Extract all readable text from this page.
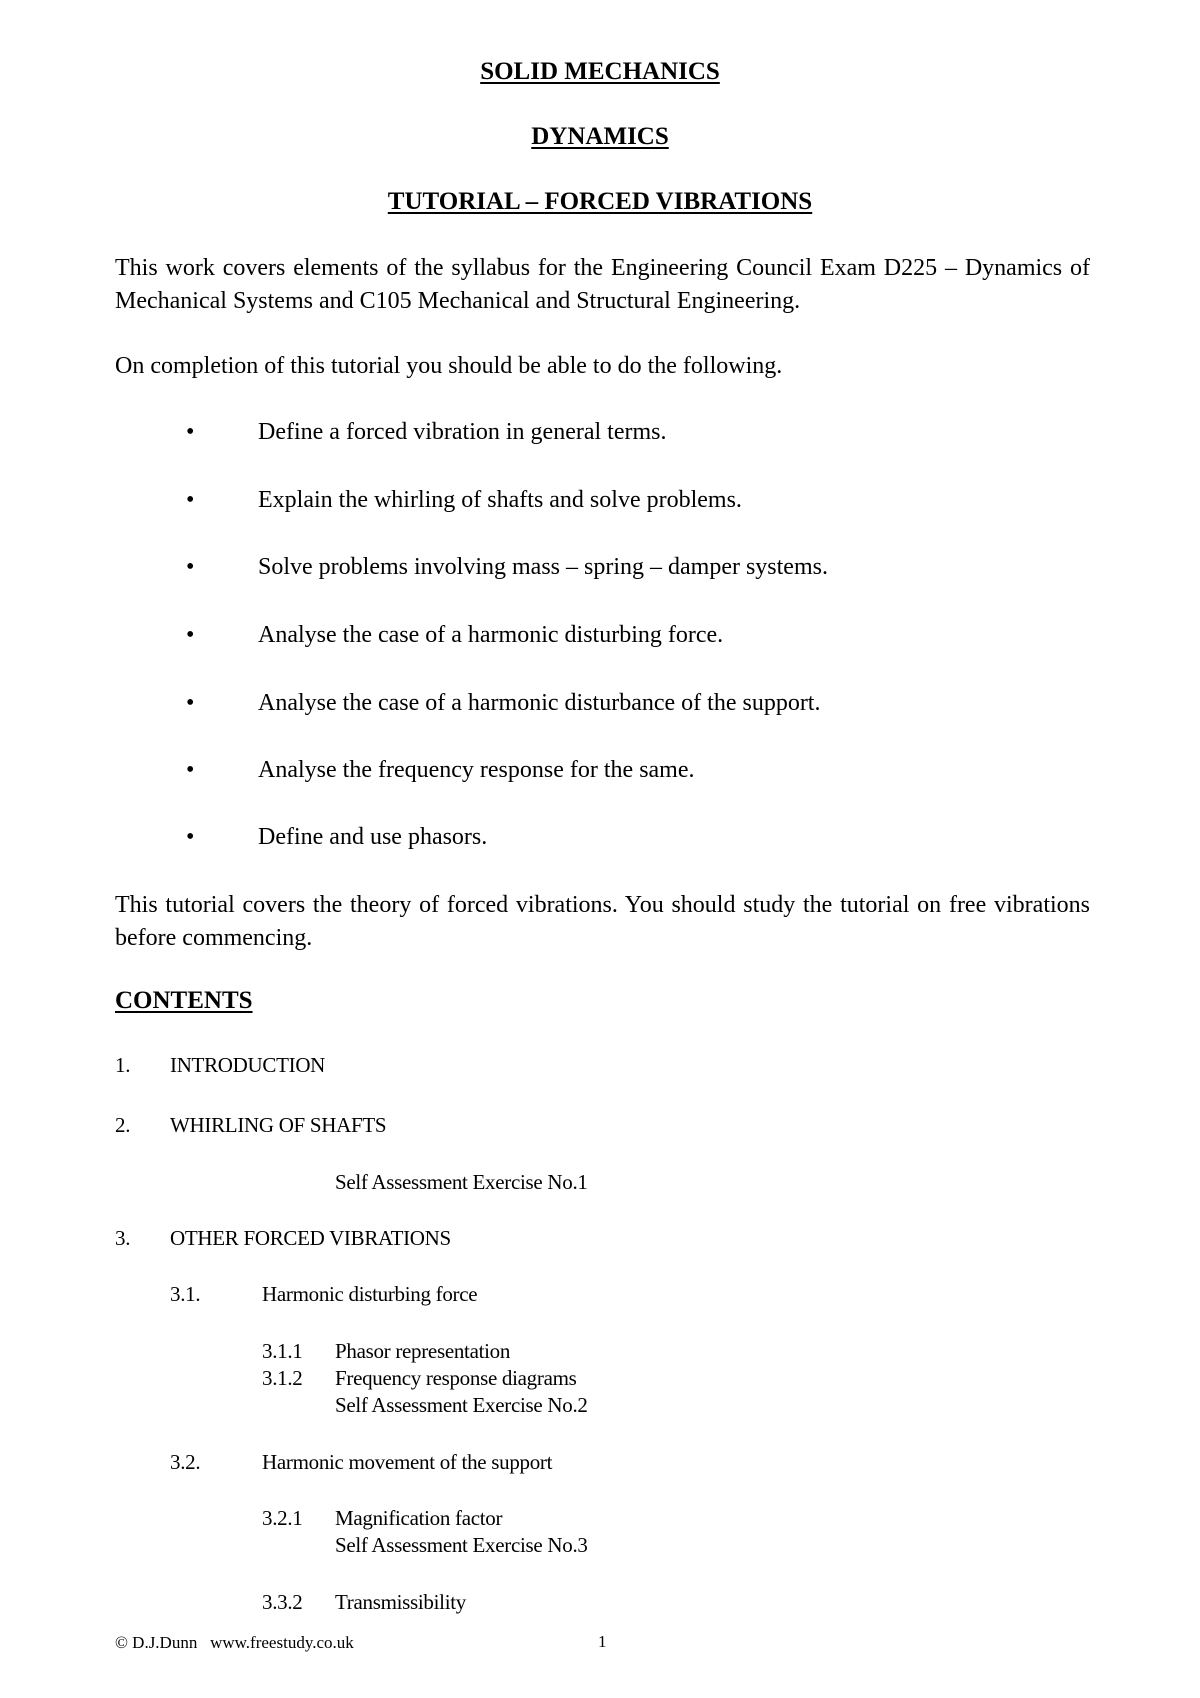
SOLID MECHANICS
DYNAMICS
TUTORIAL – FORCED VIBRATIONS
This work covers elements of the syllabus for the Engineering Council Exam D225 – Dynamics of Mechanical Systems and C105 Mechanical and Structural Engineering.
On completion of this tutorial you should be able to do the following.
•	Define a forced vibration in general terms.
•	Explain the whirling of shafts and solve problems.
•	Solve problems involving mass – spring – damper systems.
•	Analyse the case of a harmonic disturbing force.
•	Analyse the case of a harmonic disturbance of the support.
•	Analyse the frequency response for the same.
•	Define and use phasors.
This tutorial covers the theory of forced vibrations. You should study the tutorial on free vibrations before commencing.
CONTENTS
1. INTRODUCTION
2. WHIRLING OF SHAFTS
Self Assessment Exercise No.1
3. OTHER FORCED VIBRATIONS
3.1.	Harmonic disturbing force
3.1.1 Phasor representation
3.1.2 Frequency response diagrams
Self Assessment Exercise No.2
3.2.	Harmonic movement of the support
3.2.1 Magnification factor
Self Assessment Exercise No.3
3.3.2 Transmissibility
© D.J.Dunn   www.freestudy.co.uk	1
